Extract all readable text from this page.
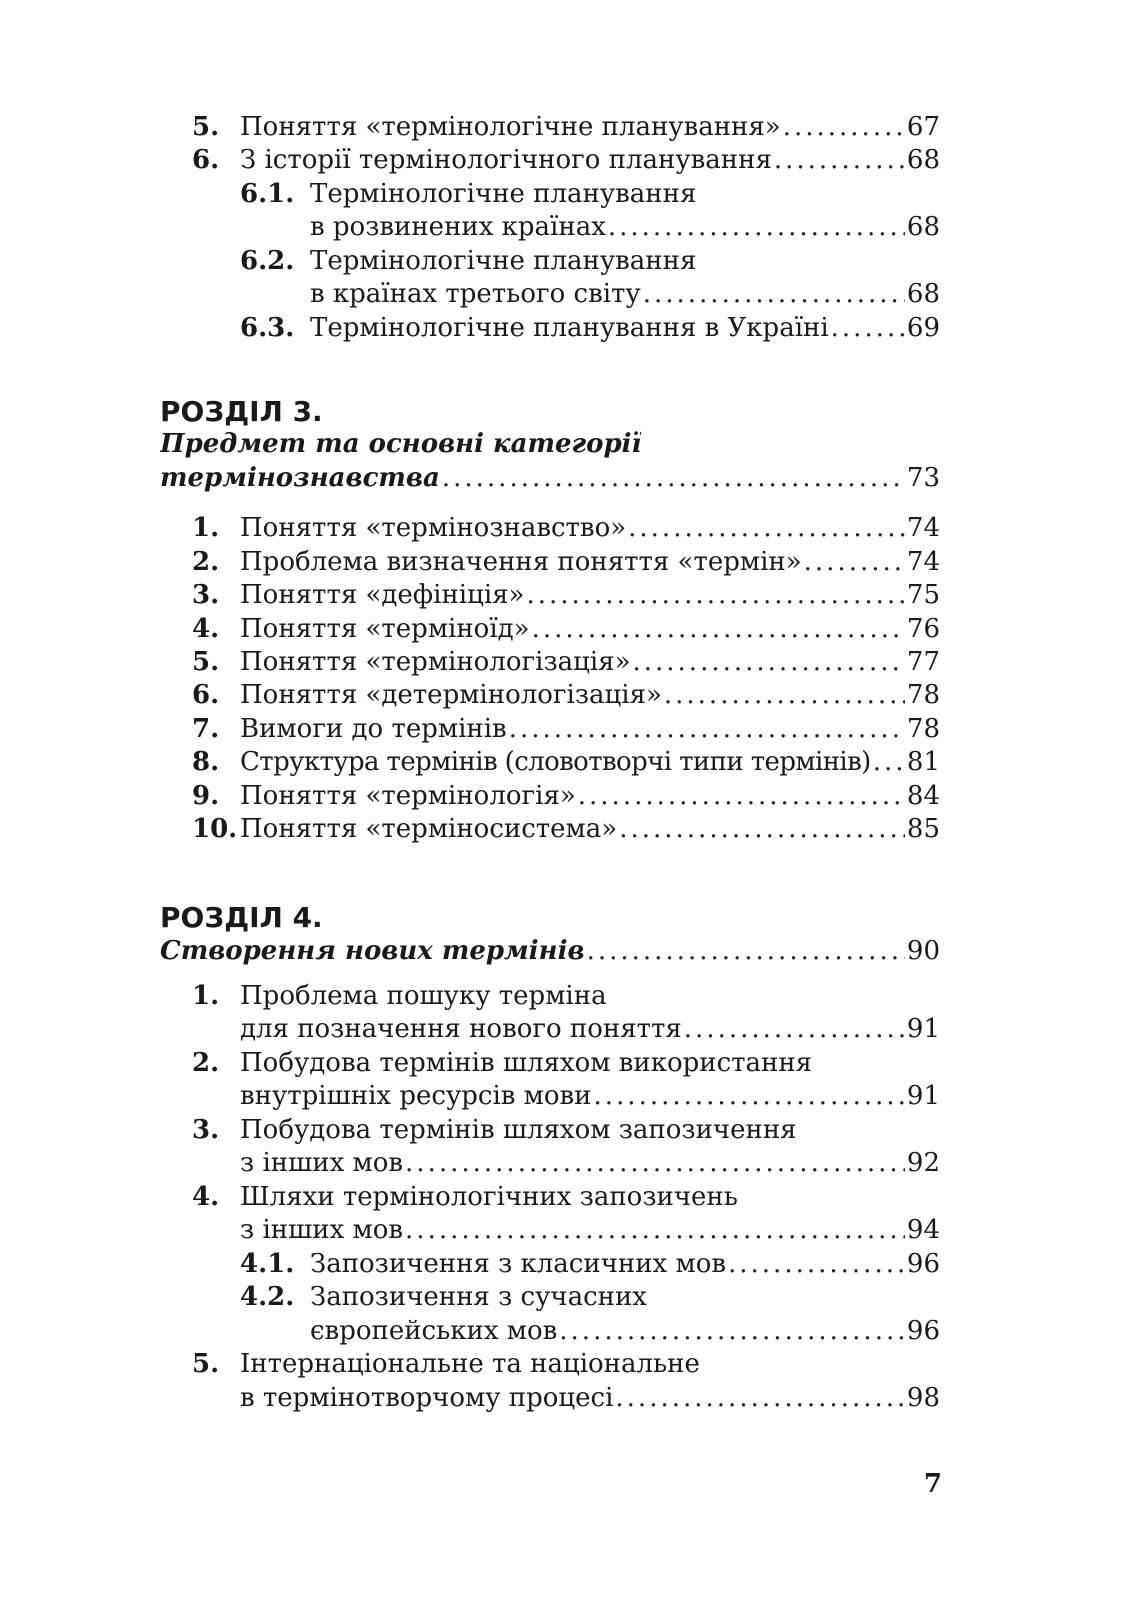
5. Поняття «термінологічне планування» .....	67
6. З історії термінологічного планування .....	68
6.1. Термінологічне планування
в розвинених країнах .....	68
6.2. Термінологічне планування
в країнах третього світу .....	68
6.3. Термінологічне планування в Україні .....	69
РОЗДІЛ 3.
Предмет та основні категорії
термінознавства .....	73
1. Поняття «термінознавство» .....	74
2. Проблема визначення поняття «термін» .....	74
3. Поняття «дефініція» .....	75
4. Поняття «терміноїд» .....	76
5. Поняття «термінологізація» .....	77
6. Поняття «детермінологізація» .....	78
7. Вимоги до термінів .....	78
8. Структура термінів (словотворчі типи термінів) ..... 81
9. Поняття «термінологія» .....	84
10. Поняття «терміносистема» .....	85
РОЗДІЛ 4.
Створення нових термінів .....	90
1. Проблема пошуку терміна
для позначення нового поняття .....	91
2. Побудова термінів шляхом використання
внутрішніх ресурсів мови .....	91
3. Побудова термінів шляхом запозичення
з інших мов .....	92
4. Шляхи термінологічних запозичень
з інших мов .....	94
4.1. Запозичення з класичних мов .....	96
4.2. Запозичення з сучасних
європейських мов .....	96
5. Інтернаціональне та національне
в термінотворчому процесі .....	98
7
